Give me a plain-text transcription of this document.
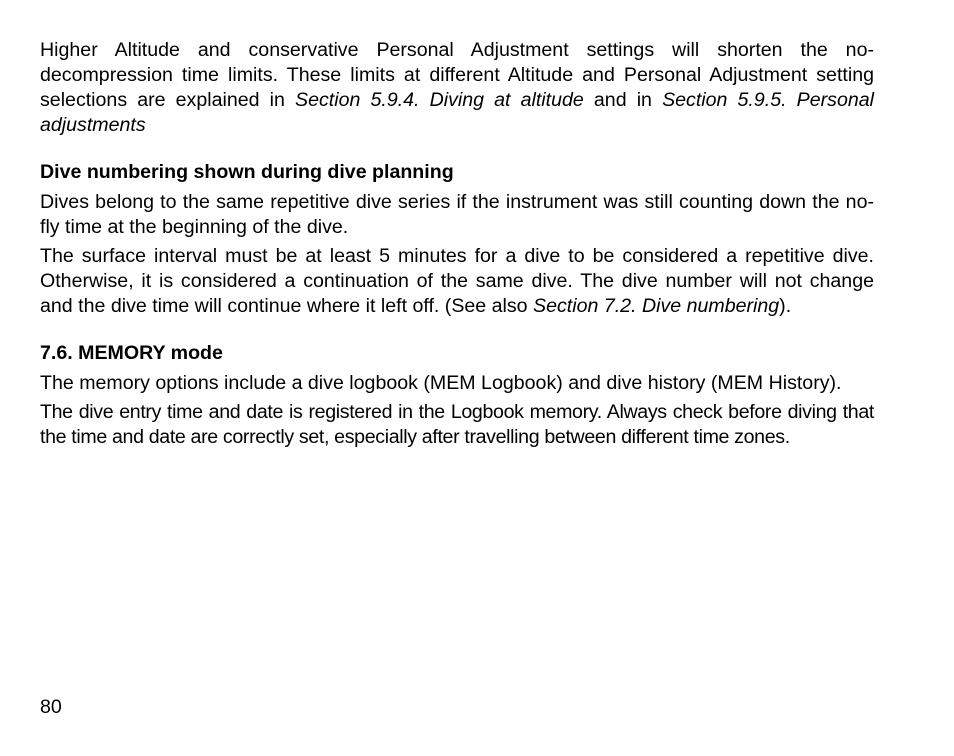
Higher Altitude and conservative Personal Adjustment settings will shorten the no-decompression time limits. These limits at different Altitude and Personal Adjustment setting selections are explained in Section 5.9.4. Diving at altitude and in Section 5.9.5. Personal adjustments

Dive numbering shown during dive planning

Dives belong to the same repetitive dive series if the instrument was still counting down the no-fly time at the beginning of the dive.

The surface interval must be at least 5 minutes for a dive to be considered a repetitive dive. Otherwise, it is considered a continuation of the same dive. The dive number will not change and the dive time will continue where it left off. (See also Section 7.2. Dive numbering).

7.6. MEMORY mode

The memory options include a dive logbook (MEM Logbook) and dive history (MEM History).

The dive entry time and date is registered in the Logbook memory. Always check before diving that the time and date are correctly set, especially after travelling between different time zones.

80
